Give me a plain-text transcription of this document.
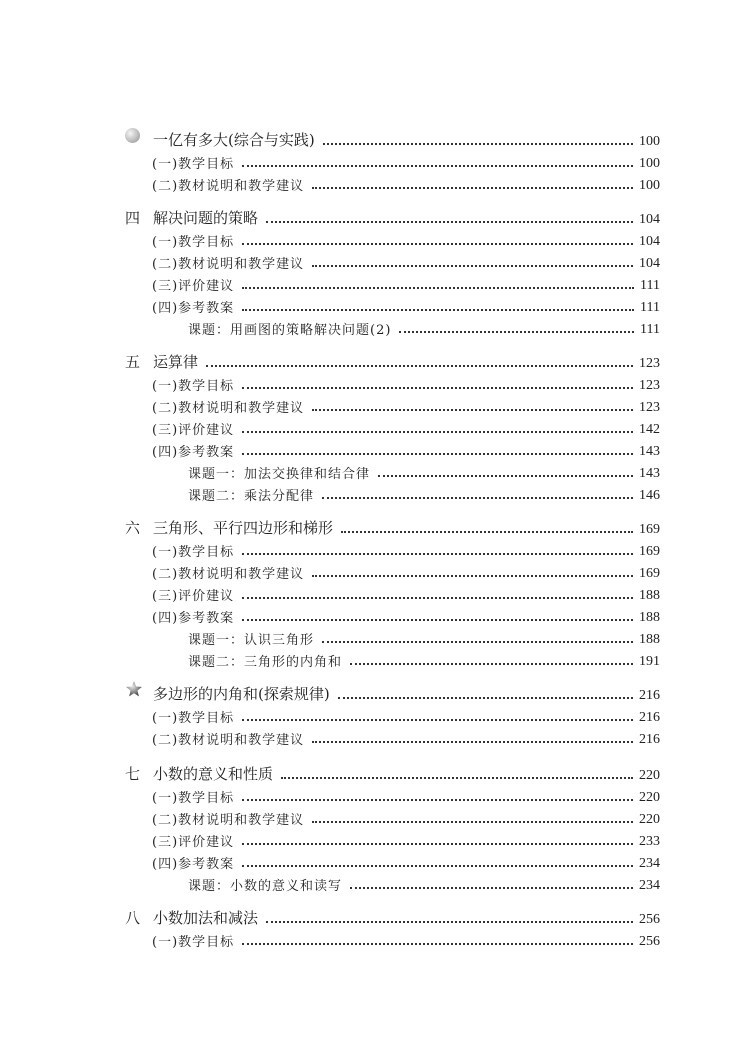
一亿有多大(综合与实践)	100
(一)教学目标	100
(二)教材说明和教学建议	100
四 解决问题的策略	104
(一)教学目标	104
(二)教材说明和教学建议	104
(三)评价建议	111
(四)参考教案	111
课题：用画图的策略解决问题(2)	111
五 运算律	123
(一)教学目标	123
(二)教材说明和教学建议	123
(三)评价建议	142
(四)参考教案	143
课题一：加法交换律和结合律	143
课题二：乘法分配律	146
六 三角形、平行四边形和梯形	169
(一)教学目标	169
(二)教材说明和教学建议	169
(三)评价建议	188
(四)参考教案	188
课题一：认识三角形	188
课题二：三角形的内角和	191
多边形的内角和(探索规律)	216
(一)教学目标	216
(二)教材说明和教学建议	216
七 小数的意义和性质	220
(一)教学目标	220
(二)教材说明和教学建议	220
(三)评价建议	233
(四)参考教案	234
课题：小数的意义和读写	234
八 小数加法和减法	256
(一)教学目标	256
